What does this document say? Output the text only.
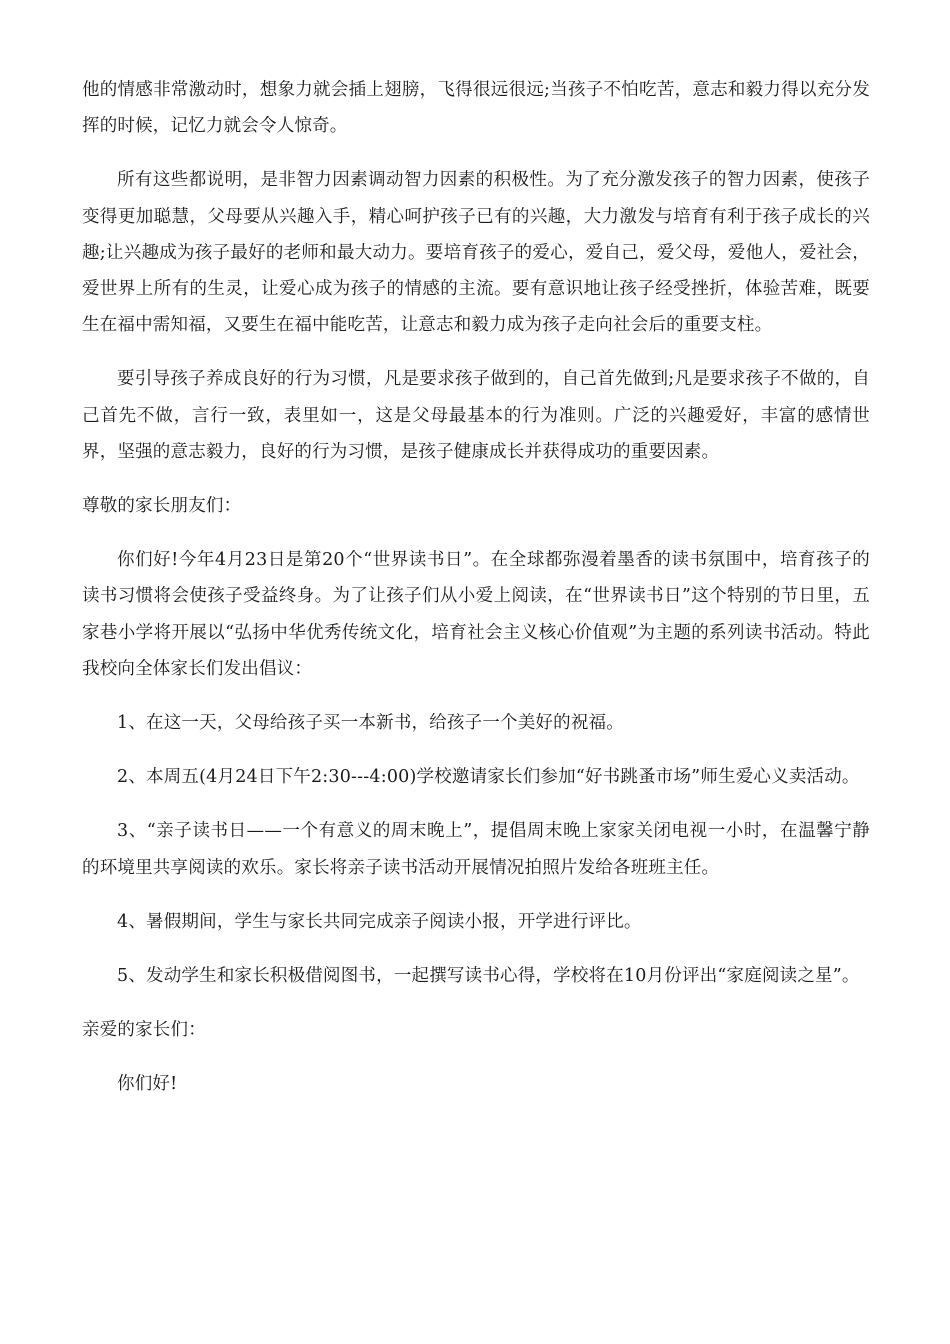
他的情感非常激动时，想象力就会插上翅膀，飞得很远很远;当孩子不怕吃苦，意志和毅力得以充分发挥的时候，记忆力就会令人惊奇。

所有这些都说明，是非智力因素调动智力因素的积极性。为了充分激发孩子的智力因素，使孩子变得更加聪慧，父母要从兴趣入手，精心呵护孩子已有的兴趣，大力激发与培育有利于孩子成长的兴趣;让兴趣成为孩子最好的老师和最大动力。要培育孩子的爱心，爱自己，爱父母，爱他人，爱社会，爱世界上所有的生灵，让爱心成为孩子的情感的主流。要有意识地让孩子经受挫折，体验苦难，既要生在福中需知福，又要生在福中能吃苦，让意志和毅力成为孩子走向社会后的重要支柱。

要引导孩子养成良好的行为习惯，凡是要求孩子做到的，自己首先做到;凡是要求孩子不做的，自己首先不做，言行一致，表里如一，这是父母最基本的行为准则。广泛的兴趣爱好，丰富的感情世界，坚强的意志毅力，良好的行为习惯，是孩子健康成长并获得成功的重要因素。

尊敬的家长朋友们：

你们好!今年4月23日是第20个“世界读书日”。在全球都弥漫着墨香的读书氛围中，培育孩子的读书习惯将会使孩子受益终身。为了让孩子们从小爱上阅读，在“世界读书日”这个特别的节日里，五家巷小学将开展以“弘扬中华优秀传统文化，培育社会主义核心价值观”为主题的系列读书活动。特此我校向全体家长们发出倡议：

1、在这一天，父母给孩子买一本新书，给孩子一个美好的祝福。

2、本周五(4月24日下午2:30---4:00)学校邀请家长们参加“好书跳蚤市场”师生爱心义卖活动。

3、“亲子读书日——一个有意义的周末晚上”，提倡周末晚上家家关闭电视一小时，在温馨宁静的环境里共享阅读的欢乐。家长将亲子读书活动开展情况拍照片发给各班班主任。

4、暑假期间，学生与家长共同完成亲子阅读小报，开学进行评比。

5、发动学生和家长积极借阅图书，一起撰写读书心得，学校将在10月份评出“家庭阅读之星”。

亲爱的家长们：

你们好!
